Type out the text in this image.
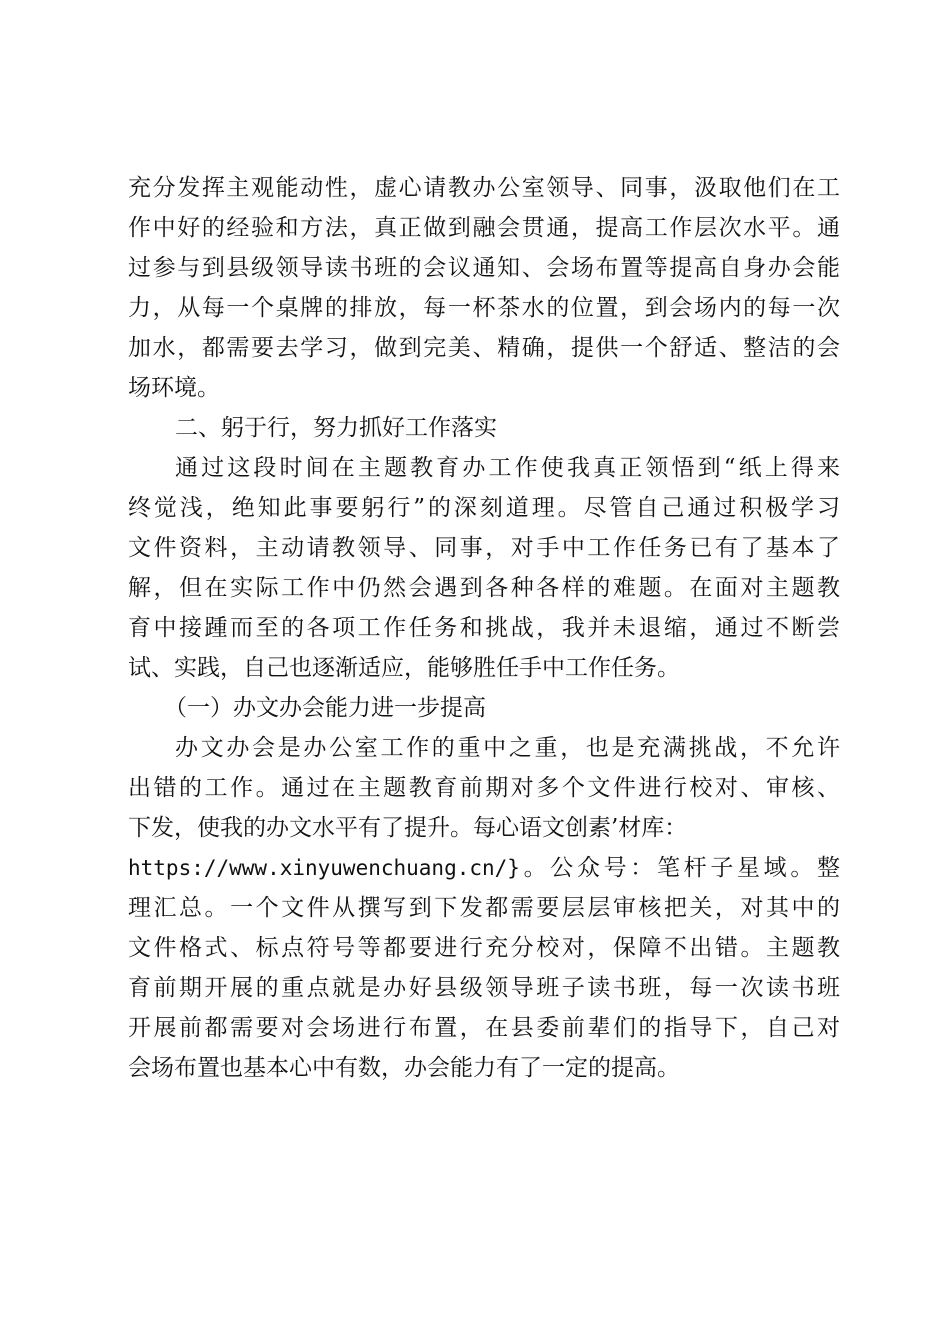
充分发挥主观能动性，虚心请教办公室领导、同事，汲取他们在工
作中好的经验和方法，真正做到融会贯通，提高工作层次水平。通
过参与到县级领导读书班的会议通知、会场布置等提高自身办会能
力，从每一个桌牌的排放，每一杯茶水的位置，到会场内的每一次
加水，都需要去学习，做到完美、精确，提供一个舒适、整洁的会
场环境。
二、躬于行，努力抓好工作落实
通过这段时间在主题教育办工作使我真正领悟到“纸上得来
终觉浅，绝知此事要躬行”的深刻道理。尽管自己通过积极学习
文件资料，主动请教领导、同事，对手中工作任务已有了基本了
解，但在实际工作中仍然会遇到各种各样的难题。在面对主题教
育中接踵而至的各项工作任务和挑战，我并未退缩，通过不断尝
试、实践，自己也逐渐适应，能够胜任手中工作任务。
（一）办文办会能力进一步提高
办文办会是办公室工作的重中之重，也是充满挑战，不允许
出错的工作。通过在主题教育前期对多个文件进行校对、审核、
下发，使我的办文水平有了提升。每心语文创素’材库：
https://www.xinyuwenchuang.cn/}。公众号：笔杆子星域。整
理汇总。一个文件从撰写到下发都需要层层审核把关，对其中的
文件格式、标点符号等都要进行充分校对，保障不出错。主题教
育前期开展的重点就是办好县级领导班子读书班，每一次读书班
开展前都需要对会场进行布置，在县委前辈们的指导下，自己对
会场布置也基本心中有数，办会能力有了一定的提高。
